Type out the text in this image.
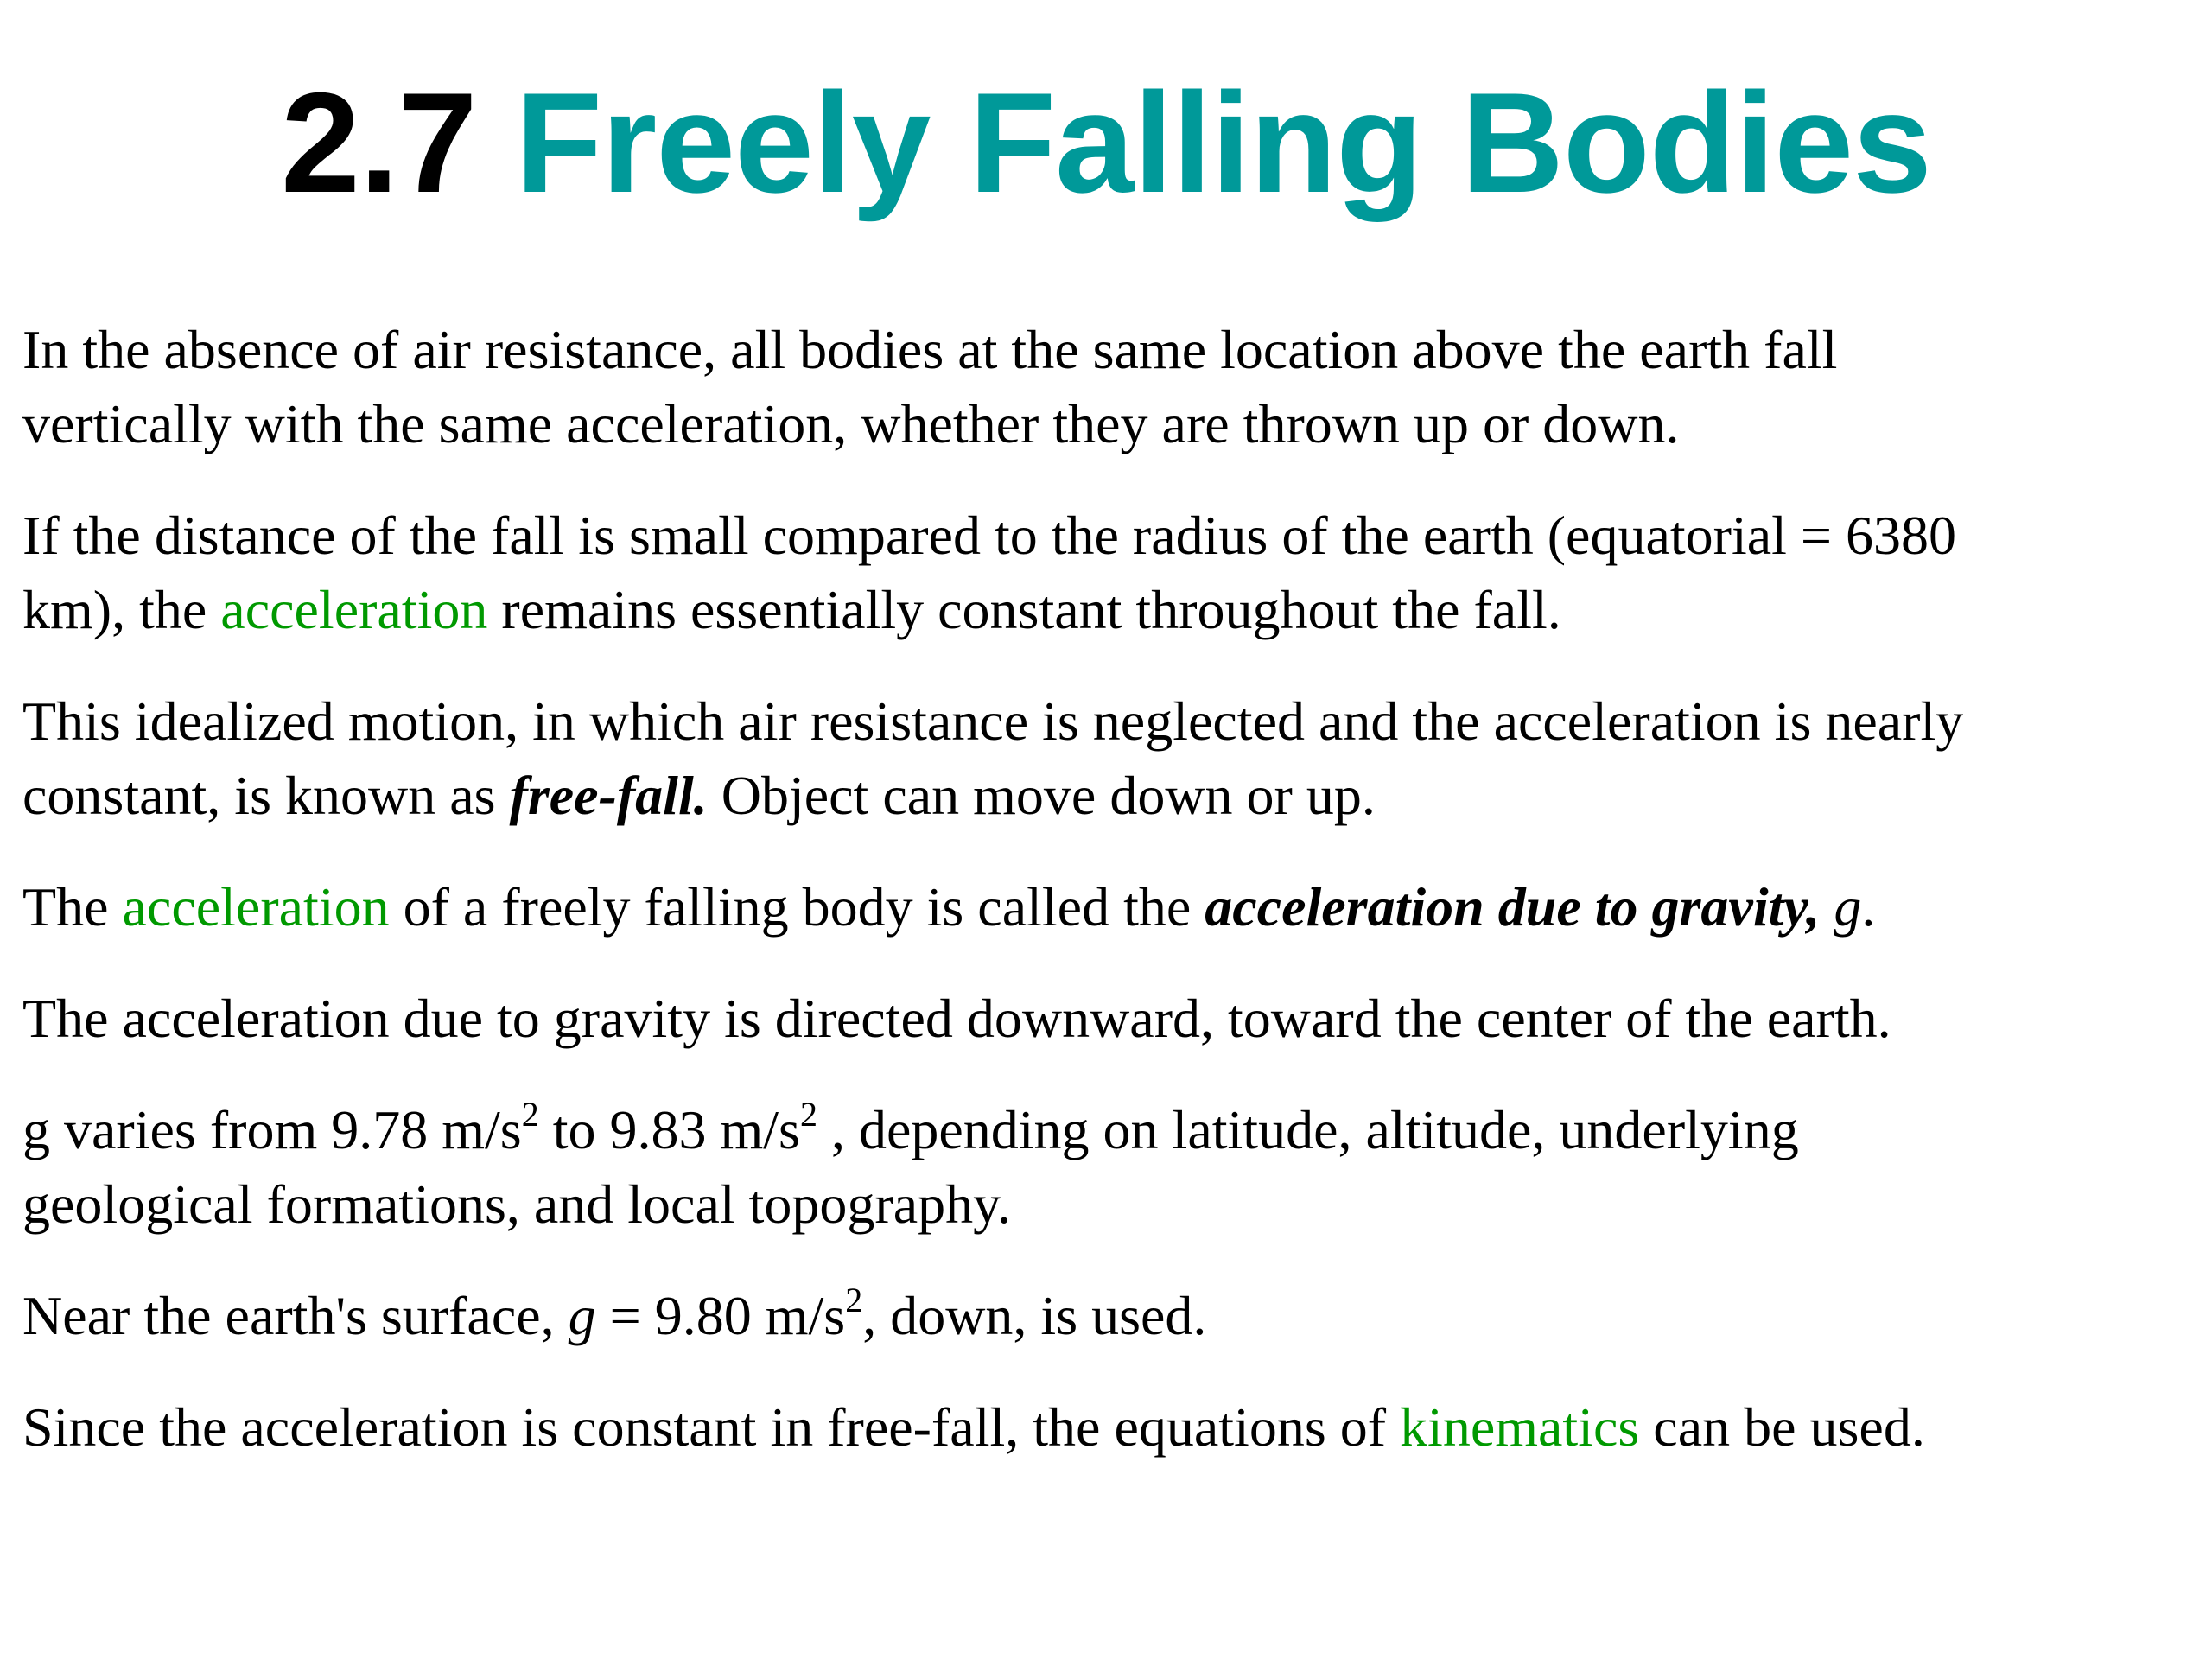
2.7 Freely Falling Bodies
In the absence of air resistance, all bodies at the same location above the earth fall
vertically with the same acceleration, whether they are thrown up or down.
If the distance of the fall is small compared to the radius of the earth (equatorial = 6380
km), the acceleration remains essentially constant throughout the fall.
This idealized motion, in which air resistance is neglected and the acceleration is nearly
constant, is known as free-fall. Object can move down or up.
The acceleration of a freely falling body is called the acceleration due to gravity, g.
The acceleration due to gravity is directed downward, toward the center of the earth.
g varies from 9.78 $m/s^2$ to 9.83 $m/s^2$ , depending on latitude, altitude, underlying
geological formations, and local topography.
Near the earth's surface, g = 9.80 $m/s^2$, down, is used.
Since the acceleration is constant in free-fall, the equations of kinematics can be used.
